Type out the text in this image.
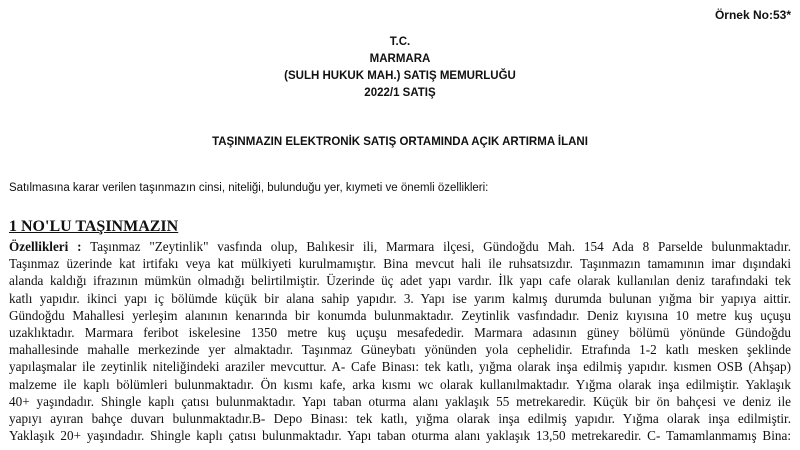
Örnek No:53*
T.C.
MARMARA
(SULH HUKUK MAH.) SATIŞ MEMURLUĞU
2022/1 SATIŞ
TAŞINMAZIN ELEKTRONİK SATIŞ ORTAMINDA AÇIK ARTIRMA İLANI
Satılmasına karar verilen taşınmazın cinsi, niteliği, bulunduğu yer, kıymeti ve önemli özellikleri:
1 NO'LU TAŞINMAZIN
Özellikleri : Taşınmaz "Zeytinlik" vasfında olup, Balıkesir ili, Marmara ilçesi, Gündoğdu Mah. 154 Ada 8 Parselde bulunmaktadır.
Taşınmaz üzerinde kat irtifakı veya kat mülkiyeti kurulmamıştır. Bina mevcut hali ile ruhsatsızdır. Taşınmazın tamamının imar dışındaki
alanda kaldığı ifrazının mümkün olmadığı belirtilmiştir. Üzerinde üç adet yapı vardır. İlk yapı cafe olarak kullanılan deniz tarafındaki tek
katlı yapıdır. ikinci yapı iç bölümde küçük bir alana sahip yapıdır. 3. Yapı ise yarım kalmış durumda bulunan yığma bir yapıya aittir.
Gündoğdu Mahallesi yerleşim alanının kenarında bir konumda bulunmaktadır. Zeytinlik vasfındadır. Deniz kıyısına 10 metre kuş uçuşu
uzaklıktadır. Marmara feribot iskelesine 1350 metre kuş uçuşu mesafededir. Marmara adasının güney bölümü yönünde Gündoğdu
mahallesinde mahalle merkezinde yer almaktadır. Taşınmaz Güneybatı yönünden yola cephelidir. Etrafında 1-2 katlı mesken şeklinde
yapılaşmalar ile zeytinlik niteliğindeki araziler mevcuttur. A- Cafe Binası: tek katlı, yığma olarak inşa edilmiş yapıdır. kısmen OSB (Ahşap)
malzeme ile kaplı bölümleri bulunmaktadır. Ön kısmı kafe, arka kısmı wc olarak kullanılmaktadır. Yığma olarak inşa edilmiştir. Yaklaşık
40+ yaşındadır. Shingle kaplı çatısı bulunmaktadır. Yapı taban oturma alanı yaklaşık 55 metrekaredir. Küçük bir ön bahçesi ve deniz ile
yapıyı ayıran bahçe duvarı bulunmaktadır.B- Depo Binası: tek katlı, yığma olarak inşa edilmiş yapıdır. Yığma olarak inşa edilmiştir.
Yaklaşık 20+ yaşındadır. Shingle kaplı çatısı bulunmaktadır. Yapı taban oturma alanı yaklaşık 13,50 metrekaredir. C- Tamamlanmamış Bina:
